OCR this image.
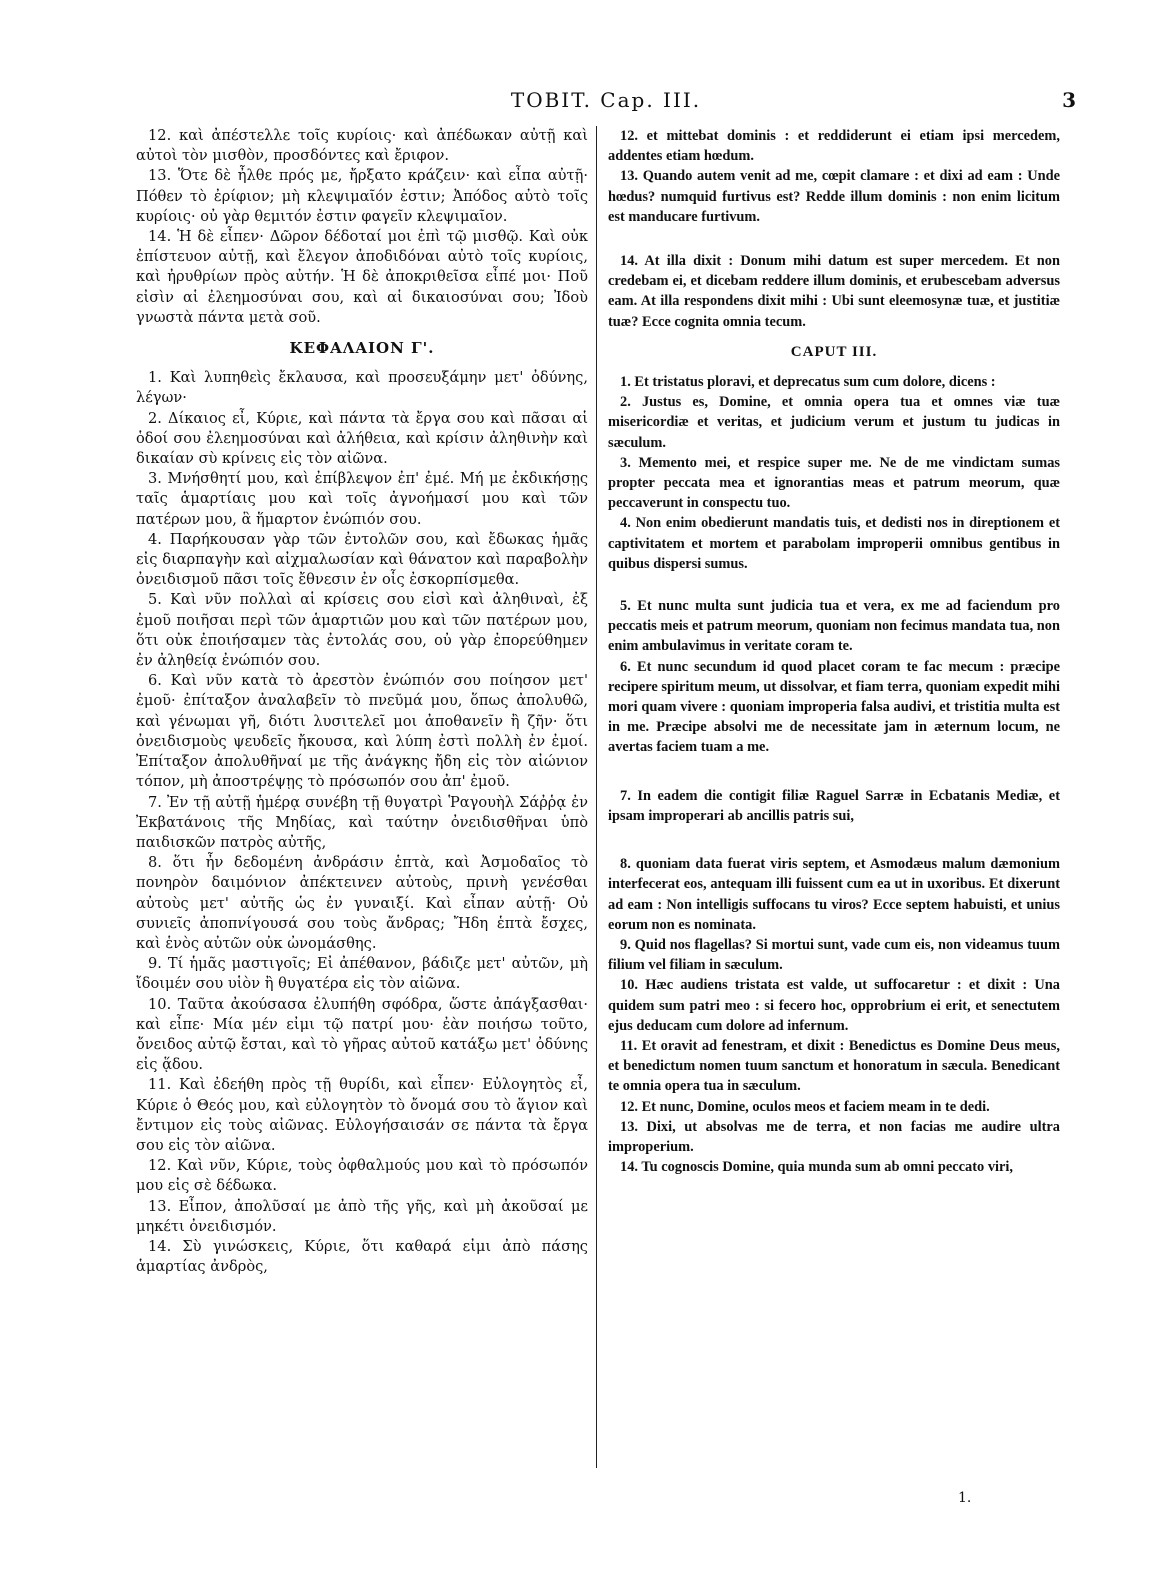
TOBIT. Cap. III.	3

12. καὶ ἀπέστελλε τοῖς κυρίοις· καὶ ἀπέδωκαν αὐτῇ καὶ αὐτοὶ τὸν μισθὸν, προσδόντες καὶ ἔριφον.

13. Ὅτε δὲ ἦλθε πρός με, ἤρξατο κράζειν· καὶ εἶπα αὐτῇ· Πόθεν τὸ ἐρίφιον; μὴ κλεψιμαῖόν ἐστιν; Ἀπόδος αὐτὸ τοῖς κυρίοις· οὐ γὰρ θεμιτόν ἐστιν φαγεῖν κλεψιμαῖον.

14. Ἡ δὲ εἶπεν· Δῶρον δέδοταί μοι ἐπὶ τῷ μισθῷ. Καὶ οὐκ ἐπίστευον αὐτῇ, καὶ ἔλεγον ἀποδιδόναι αὐτὸ τοῖς κυρίοις, καὶ ἠρυθρίων πρὸς αὐτήν. Ἡ δὲ ἀποκριθεῖσα εἶπέ μοι· Ποῦ εἰσὶν αἱ ἐλεημοσύναι σου, καὶ αἱ δικαιοσύναι σου; Ἰδοὺ γνωστὰ πάντα μετὰ σοῦ.

ΚΕΦΑΛΑΙΟΝ Γ'.

1. Καὶ λυπηθεὶς ἔκλαυσα, καὶ προσευξάμην μετ' ὀδύνης, λέγων·

2. Δίκαιος εἶ, Κύριε, καὶ πάντα τὰ ἔργα σου καὶ πᾶσαι αἱ ὁδοί σου ἐλεημοσύναι καὶ ἀλήθεια, καὶ κρίσιν ἀληθινὴν καὶ δικαίαν σὺ κρίνεις εἰς τὸν αἰῶνα.

3. Μνήσθητί μου, καὶ ἐπίβλεψον ἐπ' ἐμέ. Μή με ἐκδικήσῃς ταῖς ἁμαρτίαις μου καὶ τοῖς ἀγνοήμασί μου καὶ τῶν πατέρων μου, ἃ ἥμαρτον ἐνώπιόν σου.

4. Παρήκουσαν γὰρ τῶν ἐντολῶν σου, καὶ ἔδωκας ἡμᾶς εἰς διαρπαγὴν καὶ αἰχμαλωσίαν καὶ θάνατον καὶ παραβολὴν ὀνειδισμοῦ πᾶσι τοῖς ἔθνεσιν ἐν οἷς ἐσκορπίσμεθα.

5. Καὶ νῦν πολλαὶ αἱ κρίσεις σου εἰσὶ καὶ ἀληθιναὶ, ἐξ ἐμοῦ ποιῆσαι περὶ τῶν ἁμαρτιῶν μου καὶ τῶν πατέρων μου, ὅτι οὐκ ἐποιήσαμεν τὰς ἐντολάς σου, οὐ γὰρ ἐπορεύθημεν ἐν ἀληθείᾳ ἐνώπιόν σου.

6. Καὶ νῦν κατὰ τὸ ἀρεστὸν ἐνώπιόν σου ποίησον μετ' ἐμοῦ· ἐπίταξον ἀναλαβεῖν τὸ πνεῦμά μου, ὅπως ἀπολυθῶ, καὶ γένωμαι γῆ, διότι λυσιτελεῖ μοι ἀποθανεῖν ἢ ζῆν· ὅτι ὀνειδισμοὺς ψευδεῖς ἤκουσα, καὶ λύπη ἐστὶ πολλὴ ἐν ἐμοί. Ἐπίταξον ἀπολυθῆναί με τῆς ἀνάγκης ἤδη εἰς τὸν αἰώνιον τόπον, μὴ ἀποστρέψῃς τὸ πρόσωπόν σου ἀπ' ἐμοῦ.

7. Ἐν τῇ αὐτῇ ἡμέρᾳ συνέβη τῇ θυγατρὶ Ῥαγουὴλ Σάῤῥᾳ ἐν Ἐκβατάνοις τῆς Μηδίας, καὶ ταύτην ὀνειδισθῆναι ὑπὸ παιδισκῶν πατρὸς αὐτῆς,

8. ὅτι ἦν δεδομένη ἀνδράσιν ἑπτὰ, καὶ Ἀσμοδαῖος τὸ πονηρὸν δαιμόνιον ἀπέκτεινεν αὐτοὺς, πρινὴ γενέσθαι αὐτοὺς μετ' αὐτῆς ὡς ἐν γυναιξί. Καὶ εἶπαν αὐτῇ· Οὐ συνιεῖς ἀποπνίγουσά σου τοὺς ἄνδρας; Ἤδη ἑπτὰ ἔσχες, καὶ ἑνὸς αὐτῶν οὐκ ὠνομάσθης.

9. Τί ἡμᾶς μαστιγοῖς; Εἰ ἀπέθανον, βάδιζε μετ' αὐτῶν, μὴ ἴδοιμέν σου υἱὸν ἢ θυγατέρα εἰς τὸν αἰῶνα.

10. Ταῦτα ἀκούσασα ἐλυπήθη σφόδρα, ὥστε ἀπάγξασθαι· καὶ εἶπε· Μία μέν εἰμι τῷ πατρί μου· ἐὰν ποιήσω τοῦτο, ὄνειδος αὐτῷ ἔσται, καὶ τὸ γῆρας αὐτοῦ κατάξω μετ' ὀδύνης εἰς ᾅδου.

11. Καὶ ἐδεήθη πρὸς τῇ θυρίδι, καὶ εἶπεν· Εὐλογητὸς εἶ, Κύριε ὁ Θεός μου, καὶ εὐλογητὸν τὸ ὄνομά σου τὸ ἅγιον καὶ ἔντιμον εἰς τοὺς αἰῶνας. Εὐλογήσαισάν σε πάντα τὰ ἔργα σου εἰς τὸν αἰῶνα.

12. Καὶ νῦν, Κύριε, τοὺς ὀφθαλμούς μου καὶ τὸ πρόσωπόν μου εἰς σὲ δέδωκα.

13. Εἶπον, ἀπολῦσαί με ἀπὸ τῆς γῆς, καὶ μὴ ἀκοῦσαί με μηκέτι ὀνειδισμόν.

14. Σὺ γινώσκεις, Κύριε, ὅτι καθαρά εἰμι ἀπὸ πάσης ἁμαρτίας ἀνδρὸς,

12. et mittebat dominis : et reddiderunt ei etiam ipsi mercedem, addentes etiam hœdum.

13. Quando autem venit ad me, cœpit clamare : et dixi ad eam : Unde hœdus? numquid furtivus est? Redde illum dominis : non enim licitum est manducare furtivum.

14. At illa dixit : Donum mihi datum est super mercedem. Et non credebam ei, et dicebam reddere illum dominis, et erubescebam adversus eam. At illa respondens dixit mihi : Ubi sunt eleemosynæ tuæ, et justitiæ tuæ? Ecce cognita omnia tecum.

CAPUT III.

1. Et tristatus ploravi, et deprecatus sum cum dolore, dicens :

2. Justus es, Domine, et omnia opera tua et omnes viæ tuæ misericordiæ et veritas, et judicium verum et justum tu judicas in sæculum.

3. Memento mei, et respice super me. Ne de me vindictam sumas propter peccata mea et ignorantias meas et patrum meorum, quæ peccaverunt in conspectu tuo.

4. Non enim obedierunt mandatis tuis, et dedisti nos in direptionem et captivitatem et mortem et parabolam improperii omnibus gentibus in quibus dispersi sumus.

5. Et nunc multa sunt judicia tua et vera, ex me ad faciendum pro peccatis meis et patrum meorum, quoniam non fecimus mandata tua, non enim ambulavimus in veritate coram te.

6. Et nunc secundum id quod placet coram te fac mecum : præcipe recipere spiritum meum, ut dissolvar, et fiam terra, quoniam expedit mihi mori quam vivere : quoniam improperia falsa audivi, et tristitia multa est in me. Præcipe absolvi me de necessitate jam in æternum locum, ne avertas faciem tuam a me.

7. In eadem die contigit filiæ Raguel Sarræ in Ecbatanis Mediæ, et ipsam improperari ab ancillis patris sui,

8. quoniam data fuerat viris septem, et Asmodæus malum dæmonium interfecerat eos, antequam illi fuissent cum ea ut in uxoribus. Et dixerunt ad eam : Non intelligis suffocans tu viros? Ecce septem habuisti, et unius eorum non es nominata.

9. Quid nos flagellas? Si mortui sunt, vade cum eis, non videamus tuum filium vel filiam in sæculum.

10. Hæc audiens tristata est valde, ut suffocaretur : et dixit : Una quidem sum patri meo : si fecero hoc, opprobrium ei erit, et senectutem ejus deducam cum dolore ad infernum.

11. Et oravit ad fenestram, et dixit : Benedictus es Domine Deus meus, et benedictum nomen tuum sanctum et honoratum in sæcula. Benedicant te omnia opera tua in sæculum.

12. Et nunc, Domine, oculos meos et faciem meam in te dedi.

13. Dixi, ut absolvas me de terra, et non facias me audire ultra improperium.

14. Tu cognoscis Domine, quia munda sum ab omni peccato viri,

1.
